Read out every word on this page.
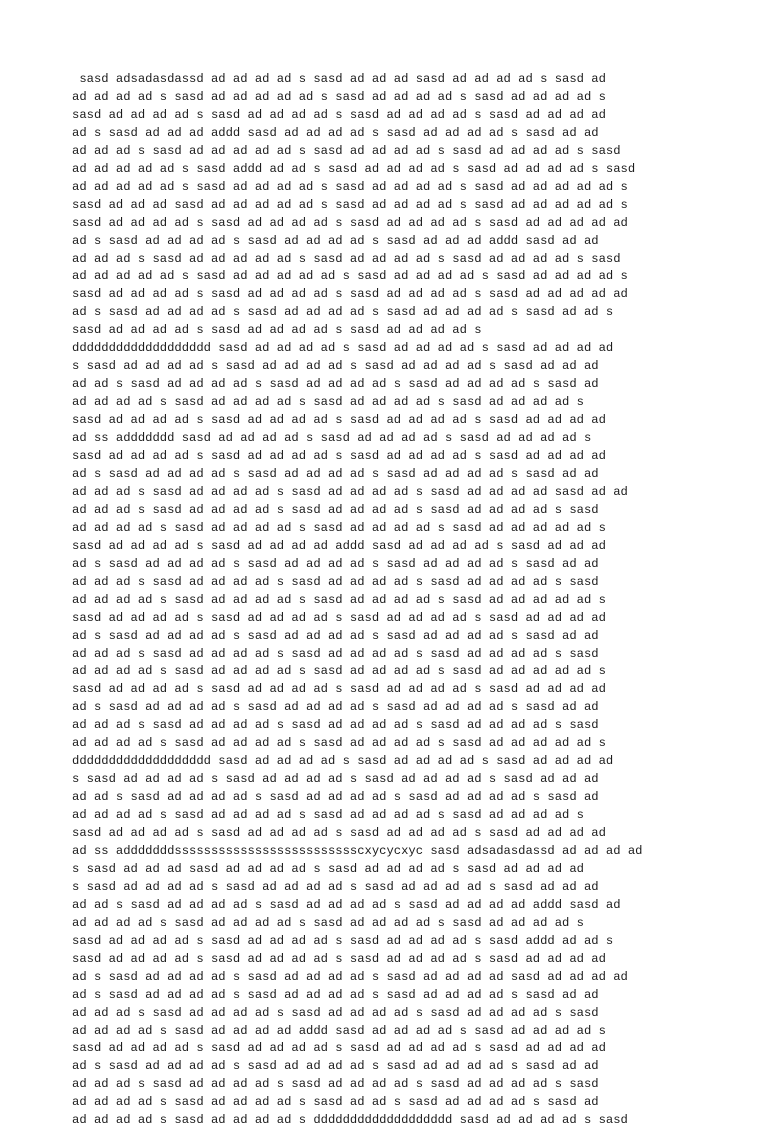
sasd adsadasdassd ad ad ad ad s sasd ad ad ad sasd ad ad ad ad s sasd ad
ad ad ad ad s sasd ad ad ad ad ad s sasd ad ad ad ad s sasd ad ad ad ad s
sasd ad ad ad ad s sasd ad ad ad ad s sasd ad ad ad ad s sasd ad ad ad ad
ad s sasd ad ad ad addd sasd ad ad ad ad s sasd ad ad ad ad s sasd ad ad
ad ad ad s sasd ad ad ad ad ad s sasd ad ad ad ad s sasd ad ad ad ad s sasd
ad ad ad ad ad s sasd addd ad ad s sasd ad ad ad ad s sasd ad ad ad ad s sasd
ad ad ad ad ad s sasd ad ad ad ad s sasd ad ad ad ad s sasd ad ad ad ad ad s
sasd ad ad ad sasd ad ad ad ad ad s sasd ad ad ad ad s sasd ad ad ad ad ad s
sasd ad ad ad ad s sasd ad ad ad ad s sasd ad ad ad ad s sasd ad ad ad ad ad
ad s sasd ad ad ad ad s sasd ad ad ad ad s sasd ad ad ad addd sasd ad ad
ad ad ad s sasd ad ad ad ad ad s sasd ad ad ad ad s sasd ad ad ad ad s sasd
ad ad ad ad ad s sasd ad ad ad ad ad s sasd ad ad ad ad s sasd ad ad ad ad s
sasd ad ad ad ad s sasd ad ad ad ad s sasd ad ad ad ad s sasd ad ad ad ad ad
ad s sasd ad ad ad ad s sasd ad ad ad ad s sasd ad ad ad ad s sasd ad ad s
sasd ad ad ad ad s sasd ad ad ad ad s sasd ad ad ad ad s
ddddddddddddddddddd sasd ad ad ad ad s sasd ad ad ad ad s sasd ad ad ad ad
s sasd ad ad ad ad s sasd ad ad ad ad s sasd ad ad ad ad s sasd ad ad ad
ad ad s sasd ad ad ad ad s sasd ad ad ad ad s sasd ad ad ad ad s sasd ad
ad ad ad ad s sasd ad ad ad ad s sasd ad ad ad ad s sasd ad ad ad ad s
sasd ad ad ad ad s sasd ad ad ad ad s sasd ad ad ad ad s sasd ad ad ad ad
ad ss addddddd sasd ad ad ad ad s sasd ad ad ad ad s sasd ad ad ad ad s
sasd ad ad ad ad s sasd ad ad ad ad s sasd ad ad ad ad s sasd ad ad ad ad
ad s sasd ad ad ad ad s sasd ad ad ad ad s sasd ad ad ad ad s sasd ad ad
ad ad ad s sasd ad ad ad ad s sasd ad ad ad ad s sasd ad ad ad ad sasd ad ad
ad ad ad s sasd ad ad ad ad s sasd ad ad ad ad s sasd ad ad ad ad s sasd
ad ad ad ad s sasd ad ad ad ad s sasd ad ad ad ad s sasd ad ad ad ad ad s
sasd ad ad ad ad s sasd ad ad ad ad addd sasd ad ad ad ad s sasd ad ad ad
ad s sasd ad ad ad ad s sasd ad ad ad ad s sasd ad ad ad ad s sasd ad ad
ad ad ad s sasd ad ad ad ad s sasd ad ad ad ad s sasd ad ad ad ad s sasd
ad ad ad ad s sasd ad ad ad ad s sasd ad ad ad ad s sasd ad ad ad ad ad s
sasd ad ad ad ad s sasd ad ad ad ad s sasd ad ad ad ad s sasd ad ad ad ad
ad s sasd ad ad ad ad s sasd ad ad ad ad s sasd ad ad ad ad s sasd ad ad
ad ad ad s sasd ad ad ad ad s sasd ad ad ad ad s sasd ad ad ad ad s sasd
ad ad ad ad s sasd ad ad ad ad s sasd ad ad ad ad s sasd ad ad ad ad ad s
sasd ad ad ad ad s sasd ad ad ad ad s sasd ad ad ad ad s sasd ad ad ad ad
ad s sasd ad ad ad ad s sasd ad ad ad ad s sasd ad ad ad ad s sasd ad ad
ad ad ad s sasd ad ad ad ad s sasd ad ad ad ad s sasd ad ad ad ad s sasd
ad ad ad ad s sasd ad ad ad ad s sasd ad ad ad ad s sasd ad ad ad ad ad s
ddddddddddddddddddd sasd ad ad ad ad s sasd ad ad ad ad s sasd ad ad ad ad
s sasd ad ad ad ad s sasd ad ad ad ad s sasd ad ad ad ad s sasd ad ad ad
ad ad s sasd ad ad ad ad s sasd ad ad ad ad s sasd ad ad ad ad s sasd ad
ad ad ad ad s sasd ad ad ad ad s sasd ad ad ad ad s sasd ad ad ad ad s
sasd ad ad ad ad s sasd ad ad ad ad s sasd ad ad ad ad s sasd ad ad ad ad
ad ss adddddddssssssssssssssssssssssssscxycycxyc sasd adsadasdassd ad ad ad ad
s sasd ad ad ad sasd ad ad ad ad s sasd ad ad ad ad s sasd ad ad ad ad
s sasd ad ad ad ad s sasd ad ad ad ad s sasd ad ad ad ad s sasd ad ad ad
ad ad s sasd ad ad ad ad s sasd ad ad ad ad s sasd ad ad ad ad addd sasd ad
ad ad ad ad s sasd ad ad ad ad s sasd ad ad ad ad s sasd ad ad ad ad s
sasd ad ad ad ad s sasd ad ad ad ad s sasd ad ad ad ad s sasd addd ad ad s
sasd ad ad ad ad s sasd ad ad ad ad s sasd ad ad ad ad s sasd ad ad ad ad
ad s sasd ad ad ad ad s sasd ad ad ad ad s sasd ad ad ad ad sasd ad ad ad ad
ad s sasd ad ad ad ad s sasd ad ad ad ad s sasd ad ad ad ad s sasd ad ad
ad ad ad s sasd ad ad ad ad s sasd ad ad ad ad s sasd ad ad ad ad s sasd
ad ad ad ad s sasd ad ad ad ad addd sasd ad ad ad ad s sasd ad ad ad ad s
sasd ad ad ad ad s sasd ad ad ad ad s sasd ad ad ad ad s sasd ad ad ad ad
ad s sasd ad ad ad ad s sasd ad ad ad ad s sasd ad ad ad ad s sasd ad ad
ad ad ad s sasd ad ad ad ad s sasd ad ad ad ad s sasd ad ad ad ad s sasd
ad ad ad ad s sasd ad ad ad ad s sasd ad ad s sasd ad ad ad ad s sasd ad
ad ad ad ad s sasd ad ad ad ad s ddddddddddddddddddd sasd ad ad ad ad s sasd
